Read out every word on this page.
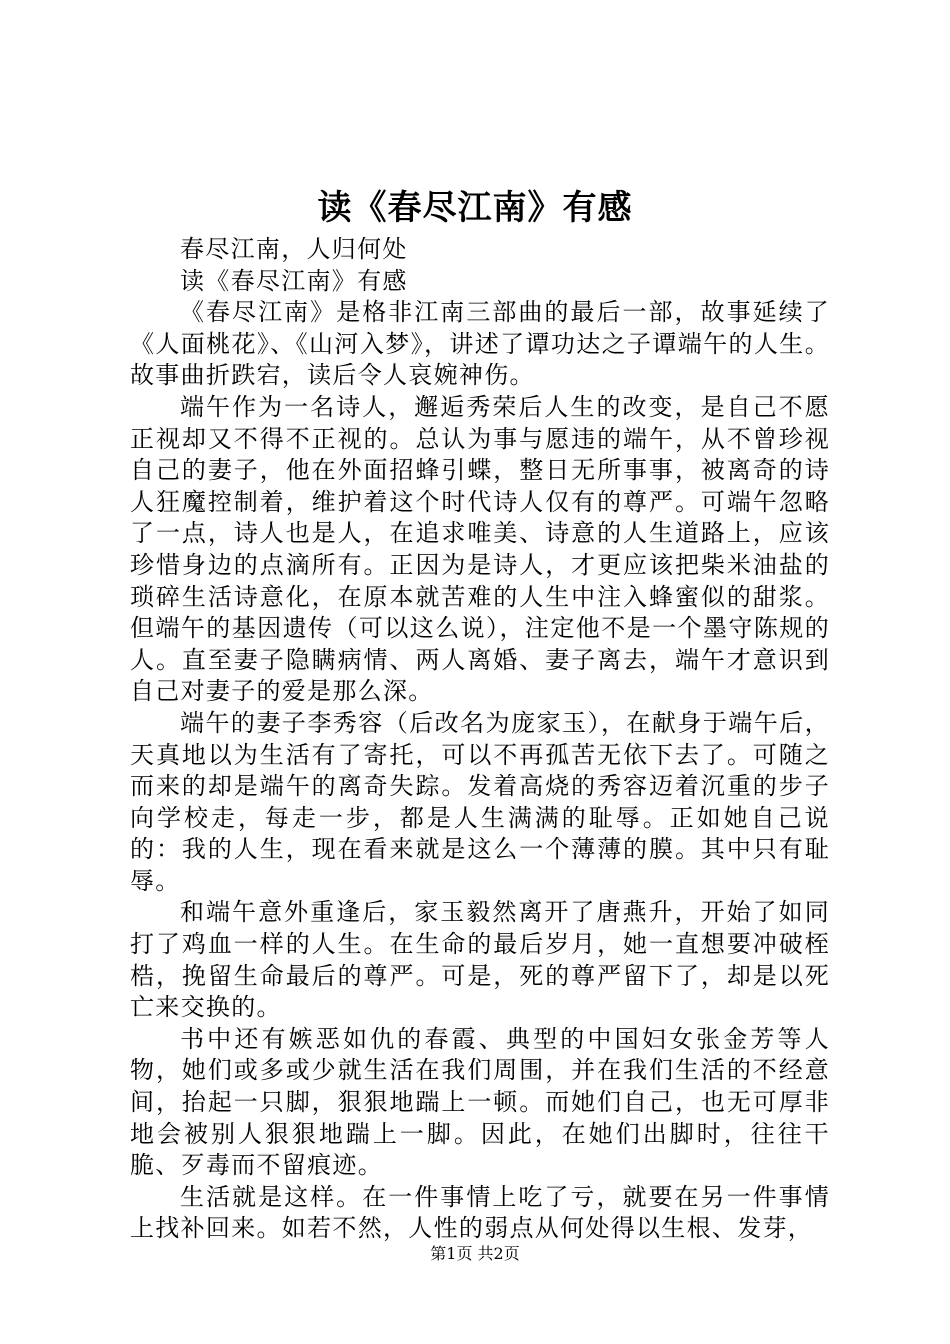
读《春尽江南》有感

春尽江南，人归何处

读《春尽江南》有感

《春尽江南》是格非江南三部曲的最后一部，故事延续了《人面桃花》、《山河入梦》，讲述了谭功达之子谭端午的人生。故事曲折跌宕，读后令人哀婉神伤。

端午作为一名诗人，邂逅秀荣后人生的改变，是自己不愿正视却又不得不正视的。总认为事与愿违的端午，从不曾珍视自己的妻子，他在外面招蜂引蝶，整日无所事事，被离奇的诗人狂魔控制着，维护着这个时代诗人仅有的尊严。可端午忽略了一点，诗人也是人，在追求唯美、诗意的人生道路上，应该珍惜身边的点滴所有。正因为是诗人，才更应该把柴米油盐的琐碎生活诗意化，在原本就苦难的人生中注入蜂蜜似的甜浆。但端午的基因遗传（可以这么说），注定他不是一个墨守陈规的人。直至妻子隐瞒病情、两人离婚、妻子离去，端午才意识到自己对妻子的爱是那么深。

端午的妻子李秀容（后改名为庞家玉），在献身于端午后，天真地以为生活有了寄托，可以不再孤苦无依下去了。可随之而来的却是端午的离奇失踪。发着高烧的秀容迈着沉重的步子向学校走，每走一步，都是人生满满的耻辱。正如她自己说的：我的人生，现在看来就是这么一个薄薄的膜。其中只有耻辱。

和端午意外重逢后，家玉毅然离开了唐燕升，开始了如同打了鸡血一样的人生。在生命的最后岁月，她一直想要冲破桎梏，挽留生命最后的尊严。可是，死的尊严留下了，却是以死亡来交换的。

书中还有嫉恶如仇的春霞、典型的中国妇女张金芳等人物，她们或多或少就生活在我们周围，并在我们生活的不经意间，抬起一只脚，狠狠地踹上一顿。而她们自己，也无可厚非地会被别人狠狠地踹上一脚。因此，在她们出脚时，往往干脆、歹毒而不留痕迹。

生活就是这样。在一件事情上吃了亏，就要在另一件事情上找补回来。如若不然，人性的弱点从何处得以生根、发芽，

第1页 共2页
